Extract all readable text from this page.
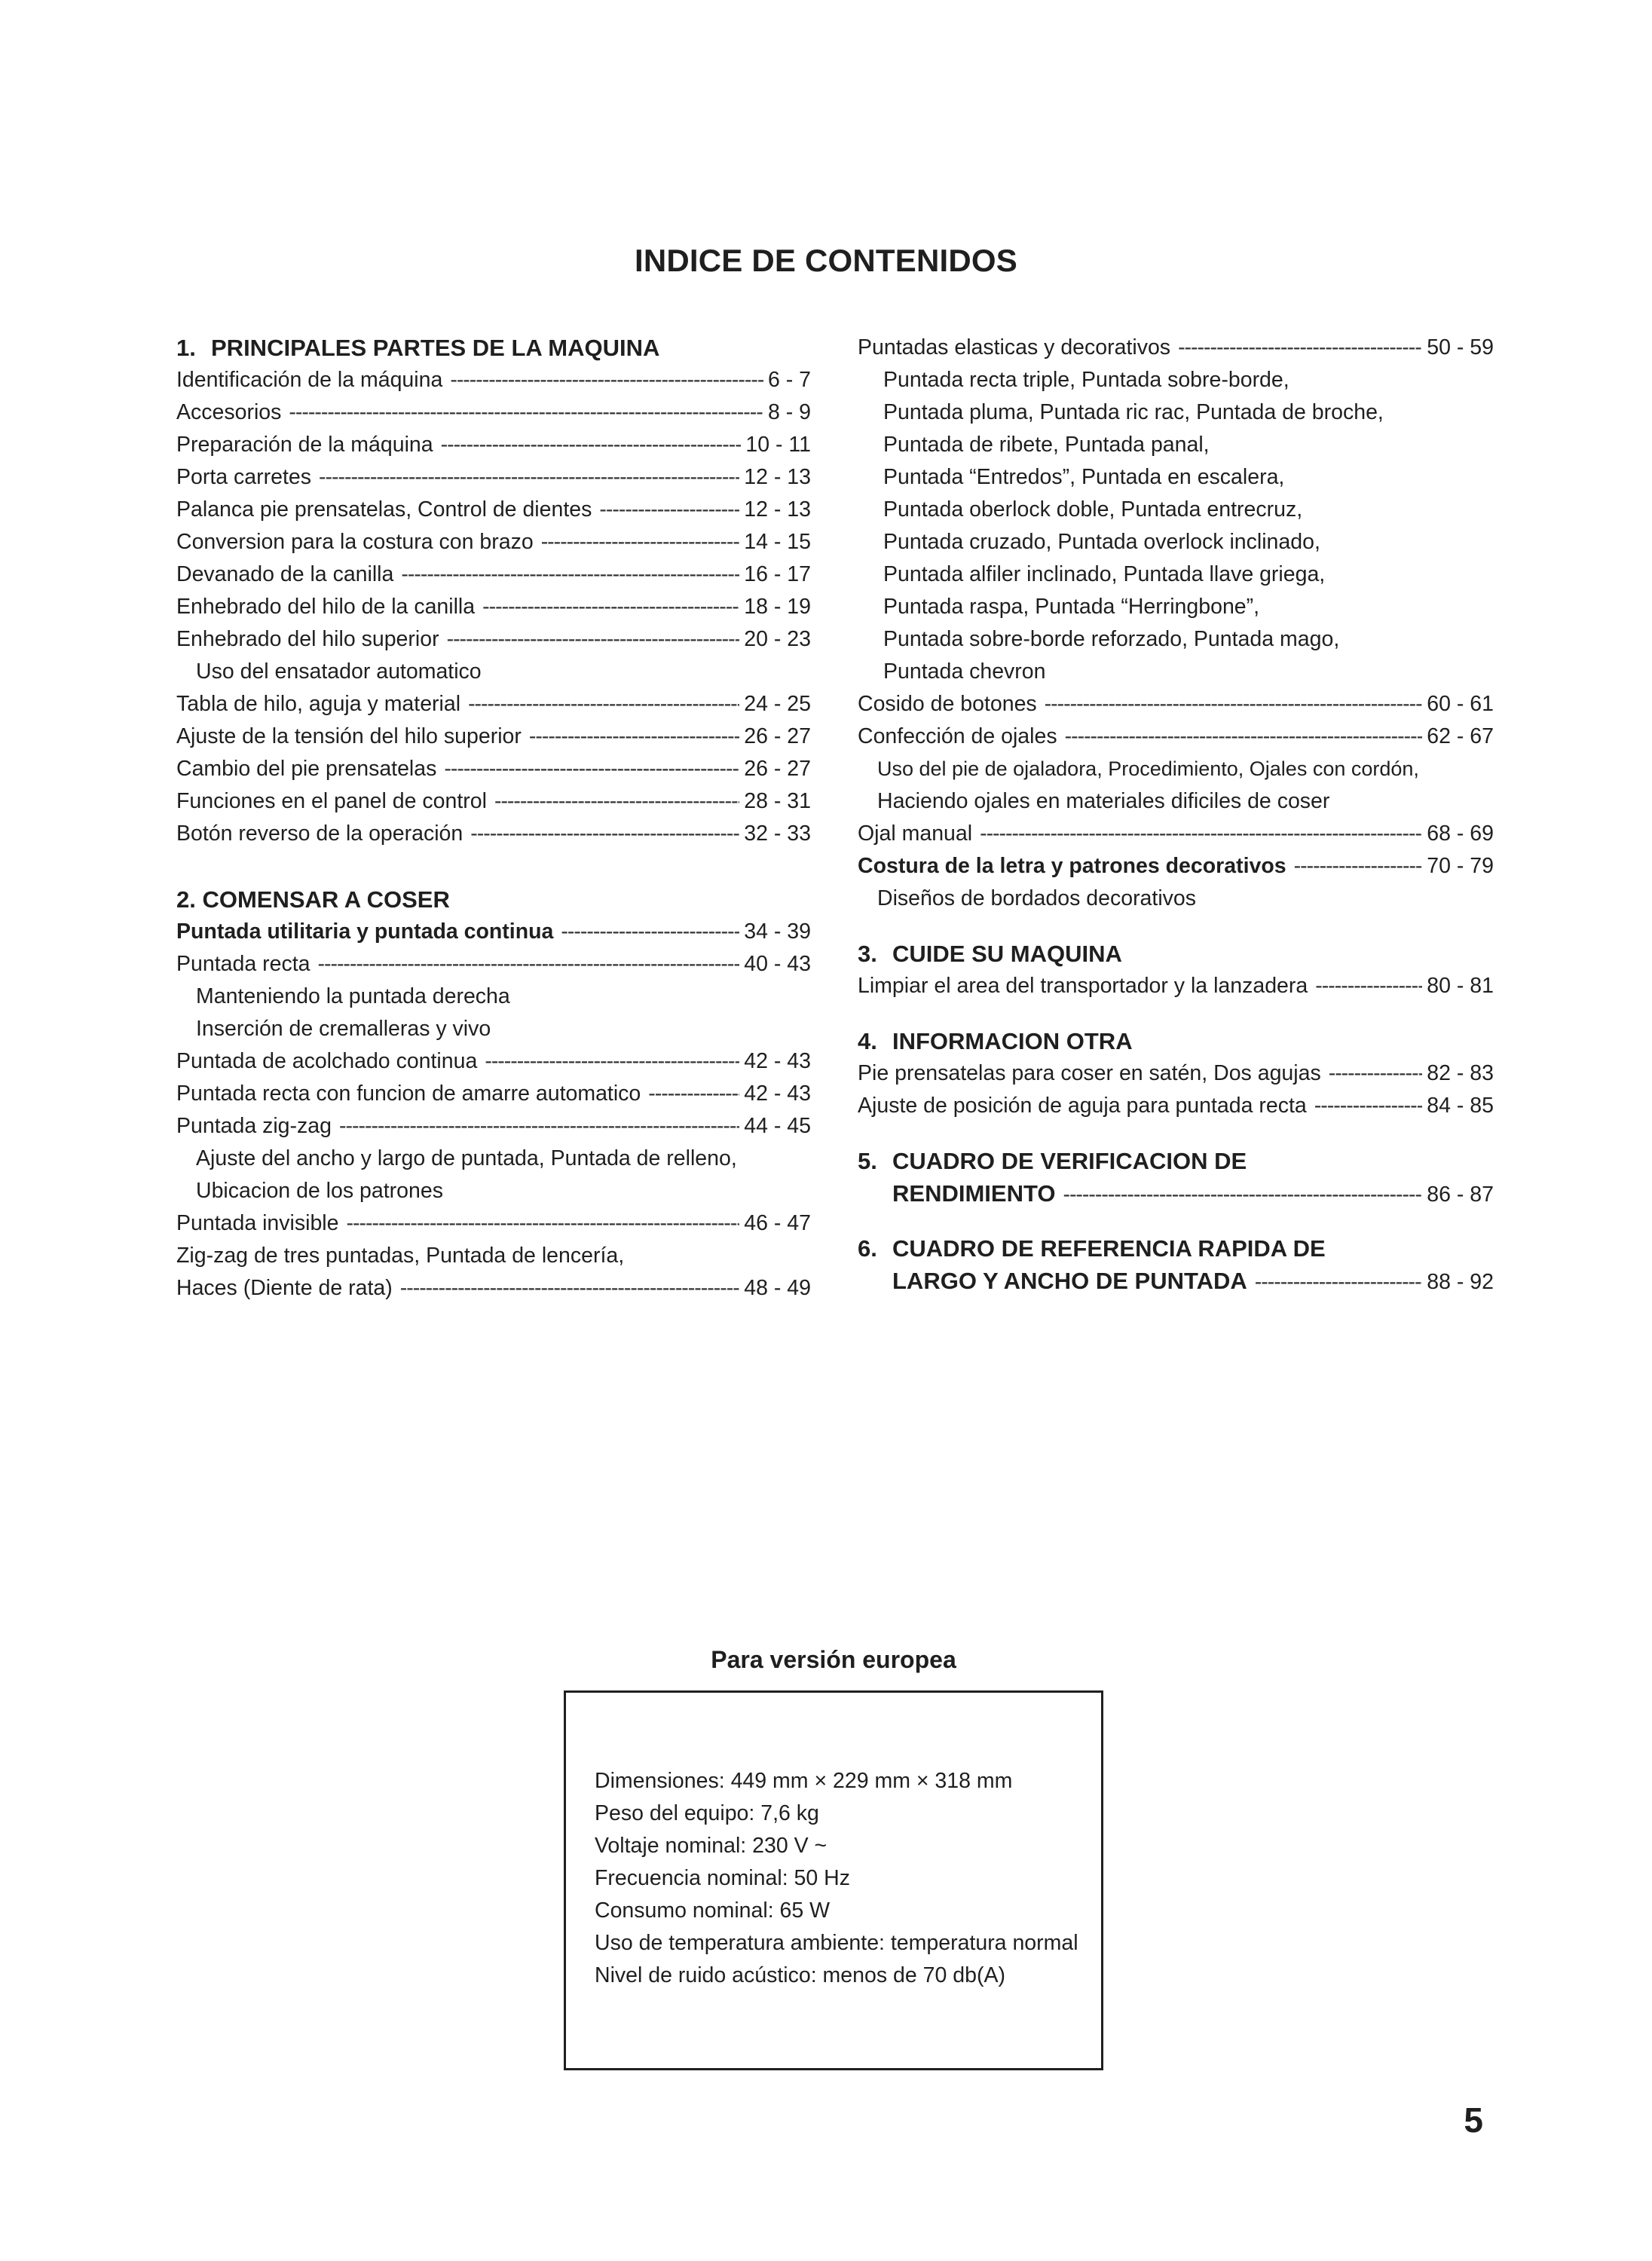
INDICE DE CONTENIDOS
1. PRINCIPALES PARTES DE LA MAQUINA
Identificación de la máquina -----	6 - 7
Accesorios -----	8 - 9
Preparación de la máquina -----	10 - 11
Porta carretes -----	12 - 13
Palanca pie prensatelas, Control de dientes -----	12 - 13
Conversion para la costura con brazo -----	14 - 15
Devanado de la canilla -----	16 - 17
Enhebrado del hilo de la canilla -----	18 - 19
Enhebrado del hilo superior -----	20 - 23
Uso del ensatador automatico
Tabla de hilo, aguja y material -----	24 - 25
Ajuste de la tensión del hilo superior -----	26 - 27
Cambio del pie prensatelas -----	26 - 27
Funciones en el panel de control -----	28 - 31
Botón reverso de la operación -----	32 - 33
2. COMENSAR A COSER
Puntada utilitaria y puntada continua -----	34 - 39
Puntada recta -----	40 - 43
Manteniendo la puntada derecha
Inserción de cremalleras y vivo
Puntada de acolchado continua -----	42 - 43
Puntada recta con funcion de amarre automatico -----	42 - 43
Puntada zig-zag -----	44 - 45
Ajuste del ancho y largo de puntada, Puntada de relleno,
Ubicacion de los patrones
Puntada invisible -----	46 - 47
Zig-zag de tres puntadas, Puntada de lencería,
Haces (Diente de rata) -----	48 - 49
Puntadas elasticas y decorativos -----	50 - 59
Puntada recta triple, Puntada sobre-borde,
Puntada pluma, Puntada ric rac, Puntada de broche,
Puntada de ribete, Puntada panal,
Puntada “Entredos”, Puntada en escalera,
Puntada oberlock doble, Puntada entrecruz,
Puntada cruzado, Puntada overlock inclinado,
Puntada alfiler inclinado, Puntada llave griega,
Puntada raspa, Puntada “Herringbone”,
Puntada sobre-borde reforzado, Puntada mago,
Puntada chevron
Cosido de botones -----	60 - 61
Confección de ojales -----	62 - 67
Uso del pie de ojaladora, Procedimiento, Ojales con cordón,
Haciendo ojales en materiales dificiles de coser
Ojal manual -----	68 - 69
Costura de la letra y patrones decorativos -----	70 - 79
Diseños de bordados decorativos
3. CUIDE SU MAQUINA
Limpiar el area del transportador y la lanzadera -----	80 - 81
4. INFORMACION OTRA
Pie prensatelas para coser en satén, Dos agujas -----	82 - 83
Ajuste de posición de aguja para puntada recta -----	84 - 85
5. CUADRO DE VERIFICACION DE
RENDIMIENTO -----	86 - 87
6. CUADRO DE REFERENCIA RAPIDA DE
LARGO Y ANCHO DE PUNTADA -----	88 - 92
Para versión europea
Dimensiones: 449 mm × 229 mm × 318 mm
Peso del equipo: 7,6 kg
Voltaje nominal: 230 V ~
Frecuencia nominal: 50 Hz
Consumo nominal: 65 W
Uso de temperatura ambiente: temperatura normal
Nivel de ruido acústico: menos de 70 db(A)
5
